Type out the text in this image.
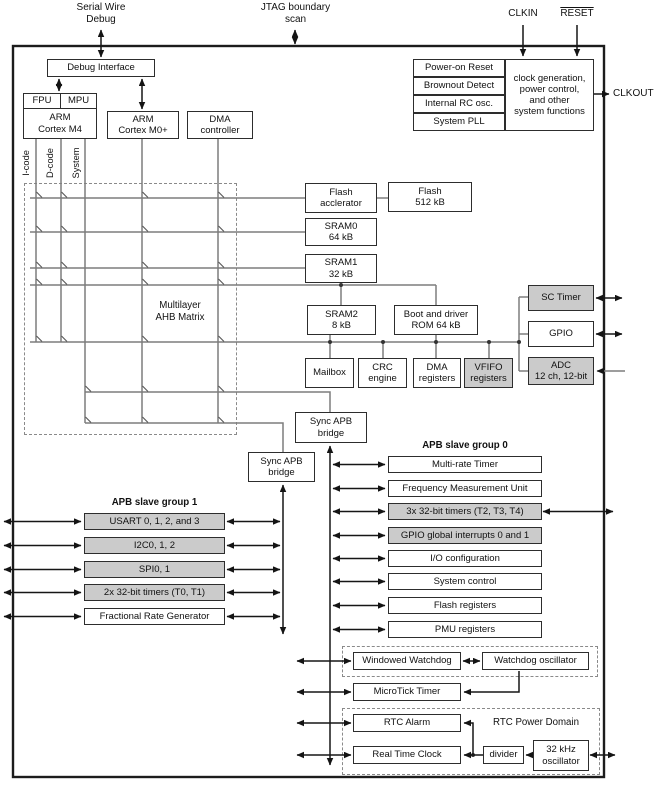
Serial Wire
Debug
JTAG boundary
scan
CLKIN	RESET
CLKOUT
Debug Interface
FPU	MPU
ARM
Cortex M4
ARM
Cortex M0+
DMA
controller
I-code D-code System
Power-on Reset
Brownout Detect
Internal RC osc.
System PLL
clock generation,
power control,
and other
system functions
Multilayer
AHB Matrix
Flash
acclerator
Flash
512 kB
SRAM0
64 kB
SRAM1
32 kB
SRAM2
8 kB
Boot and driver
ROM 64 kB
Mailbox
CRC
engine
DMA
registers
VFIFO
registers
SC Timer
GPIO
ADC
12 ch, 12-bit
Sync APB
bridge
Sync APB
bridge
APB slave group 0
Multi-rate Timer
Frequency Measurement Unit
3x 32-bit timers (T2, T3, T4)
GPIO global interrupts 0 and 1
I/O configuration
System control
Flash registers
PMU registers
APB slave group 1
USART 0, 1, 2, and 3
I2C0, 1, 2
SPI0, 1
2x 32-bit timers (T0, T1)
Fractional Rate Generator
Windowed Watchdog	Watchdog oscillator
MicroTick Timer
RTC Power Domain
RTC Alarm
Real Time Clock	divider	32 kHz
oscillator
